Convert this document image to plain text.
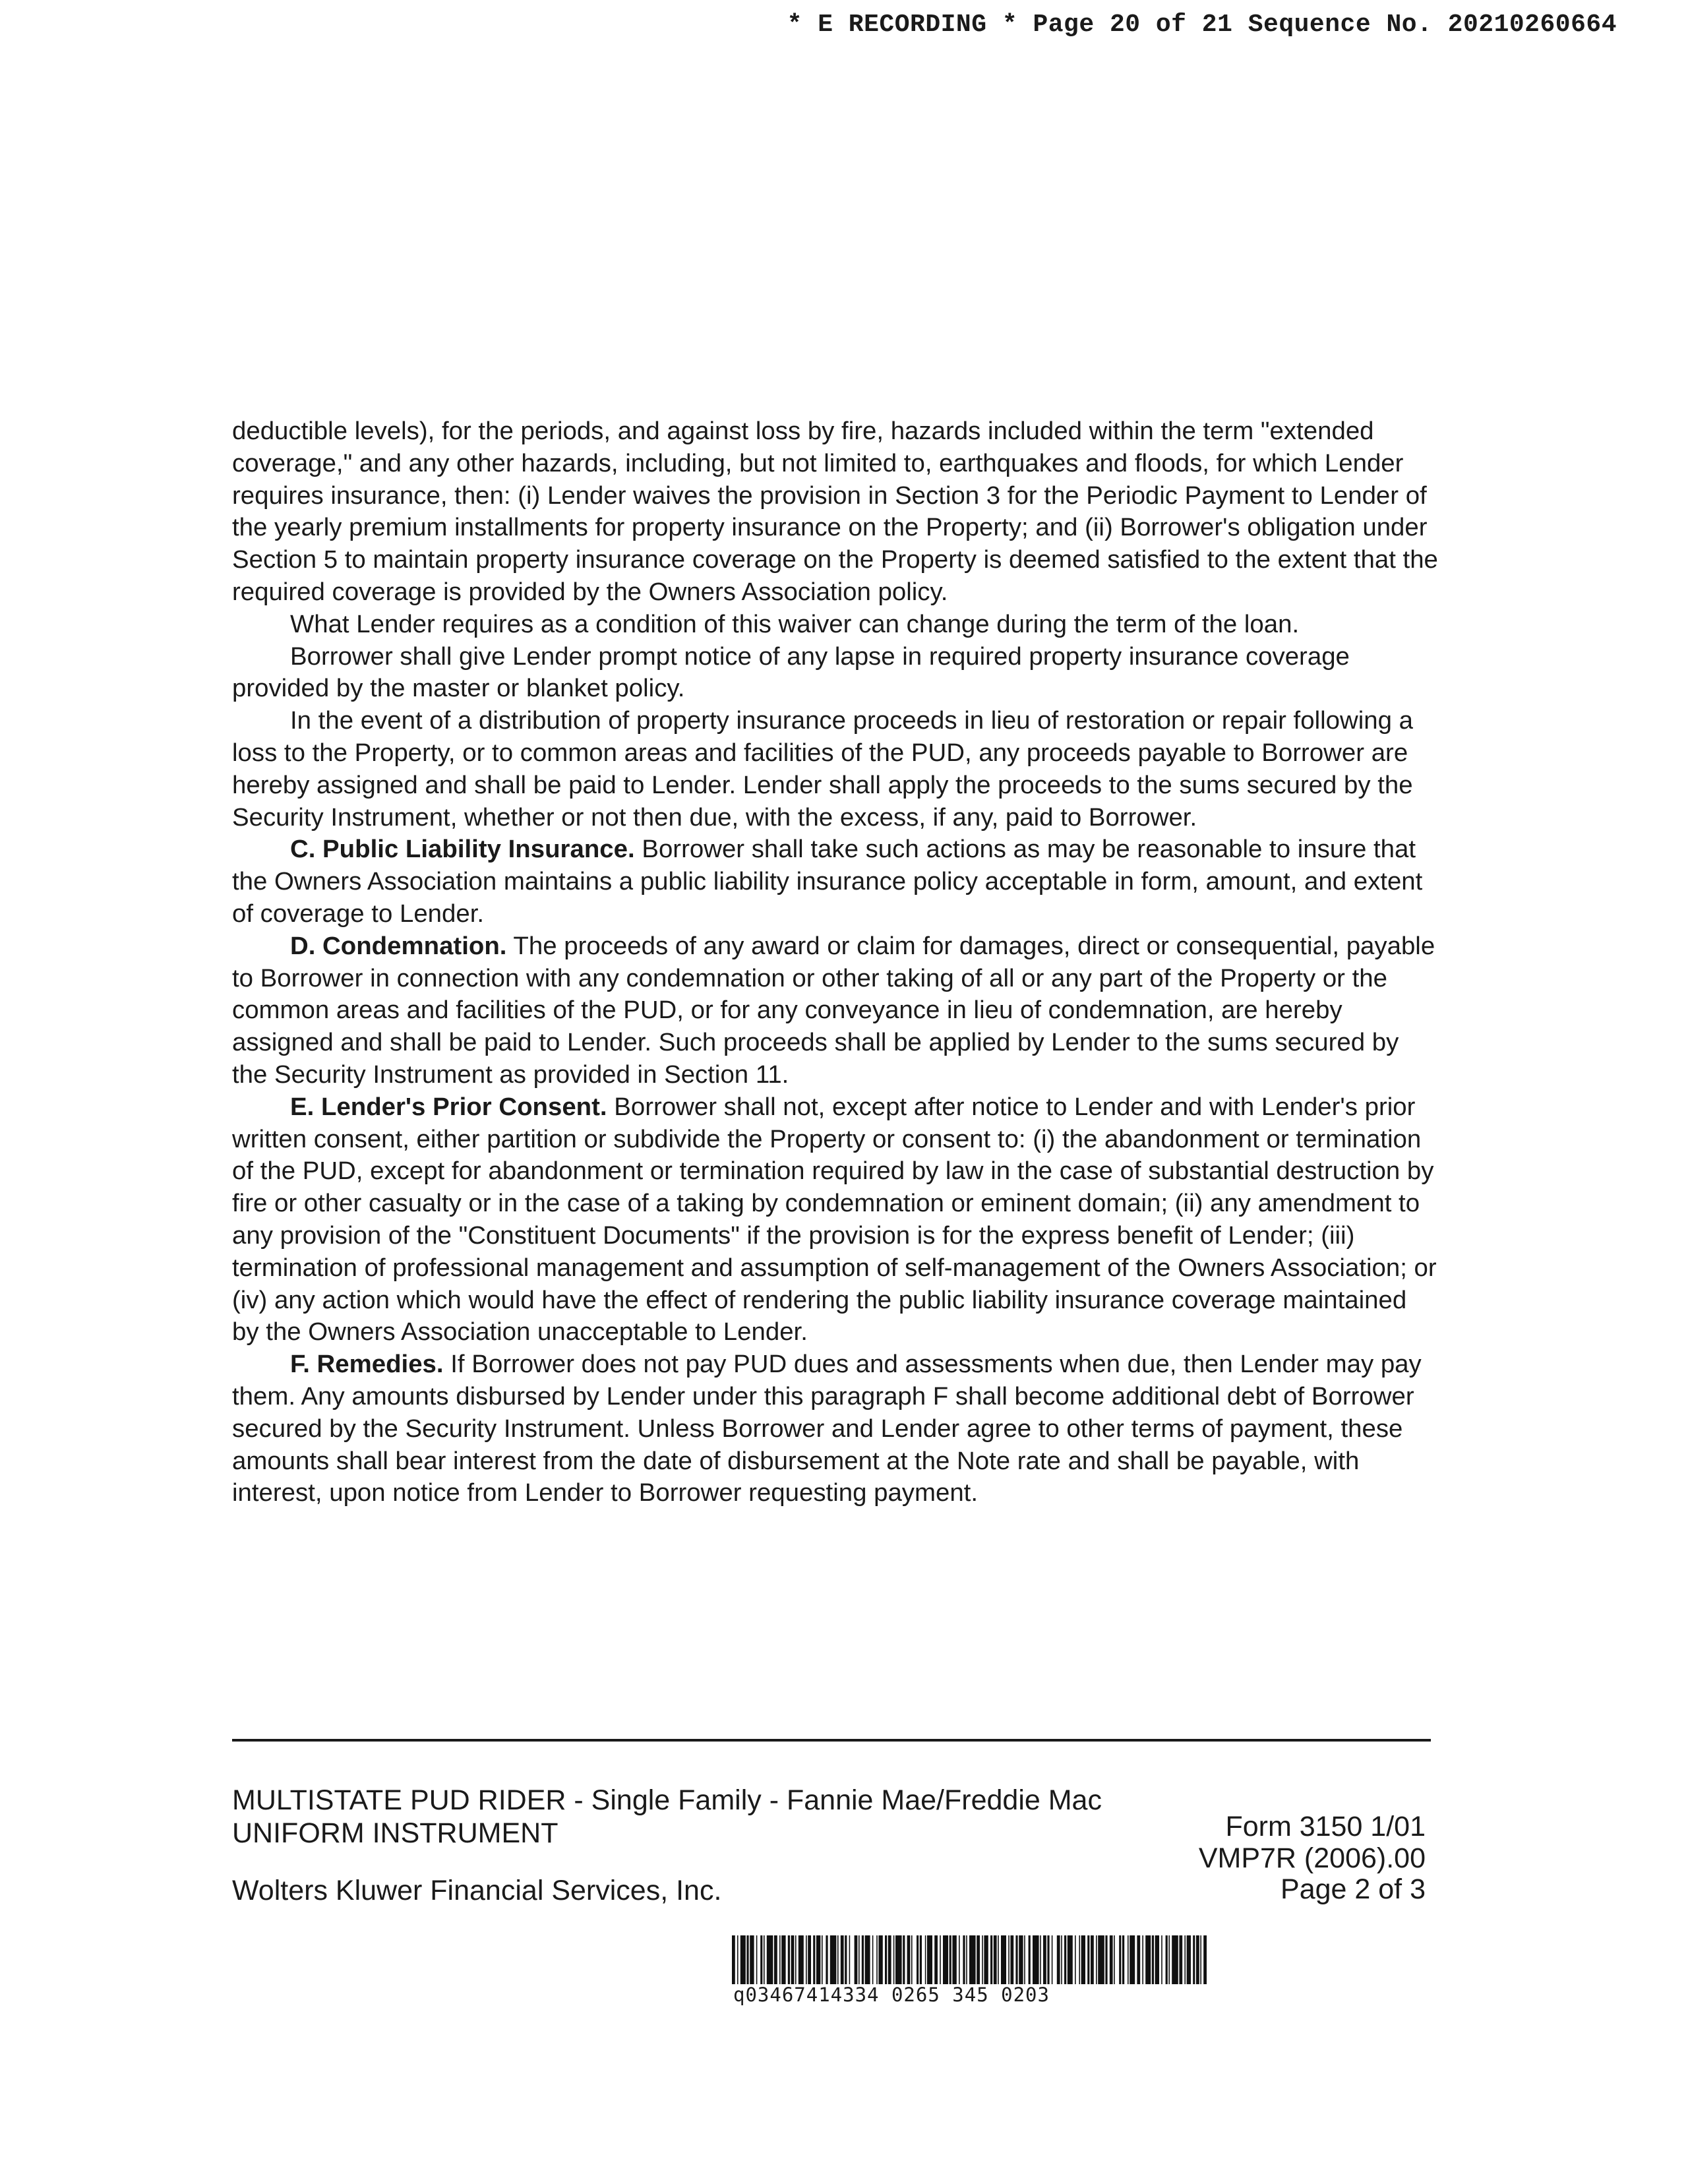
* E RECORDING * Page 20 of 21 Sequence No. 20210260664

deductible levels), for the periods, and against loss by fire, hazards included within the term "extended coverage," and any other hazards, including, but not limited to, earthquakes and floods, for which Lender requires insurance, then: (i) Lender waives the provision in Section 3 for the Periodic Payment to Lender of the yearly premium installments for property insurance on the Property; and (ii) Borrower's obligation under Section 5 to maintain property insurance coverage on the Property is deemed satisfied to the extent that the required coverage is provided by the Owners Association policy.

What Lender requires as a condition of this waiver can change during the term of the loan.

Borrower shall give Lender prompt notice of any lapse in required property insurance coverage provided by the master or blanket policy.

In the event of a distribution of property insurance proceeds in lieu of restoration or repair following a loss to the Property, or to common areas and facilities of the PUD, any proceeds payable to Borrower are hereby assigned and shall be paid to Lender. Lender shall apply the proceeds to the sums secured by the Security Instrument, whether or not then due, with the excess, if any, paid to Borrower.

C. Public Liability Insurance. Borrower shall take such actions as may be reasonable to insure that the Owners Association maintains a public liability insurance policy acceptable in form, amount, and extent of coverage to Lender.

D. Condemnation. The proceeds of any award or claim for damages, direct or consequential, payable to Borrower in connection with any condemnation or other taking of all or any part of the Property or the common areas and facilities of the PUD, or for any conveyance in lieu of condemnation, are hereby assigned and shall be paid to Lender. Such proceeds shall be applied by Lender to the sums secured by the Security Instrument as provided in Section 11.

E. Lender's Prior Consent. Borrower shall not, except after notice to Lender and with Lender's prior written consent, either partition or subdivide the Property or consent to: (i) the abandonment or termination of the PUD, except for abandonment or termination required by law in the case of substantial destruction by fire or other casualty or in the case of a taking by condemnation or eminent domain; (ii) any amendment to any provision of the "Constituent Documents" if the provision is for the express benefit of Lender; (iii) termination of professional management and assumption of self-management of the Owners Association; or (iv) any action which would have the effect of rendering the public liability insurance coverage maintained by the Owners Association unacceptable to Lender.

F. Remedies. If Borrower does not pay PUD dues and assessments when due, then Lender may pay them. Any amounts disbursed by Lender under this paragraph F shall become additional debt of Borrower secured by the Security Instrument. Unless Borrower and Lender agree to other terms of payment, these amounts shall bear interest from the date of disbursement at the Note rate and shall be payable, with interest, upon notice from Lender to Borrower requesting payment.

MULTISTATE PUD RIDER - Single Family - Fannie Mae/Freddie Mac
UNIFORM INSTRUMENT	Form 3150 1/01
VMP7R (2006).00
Wolters Kluwer Financial Services, Inc.	Page 2 of 3
q03467414334 0265 345 0203
